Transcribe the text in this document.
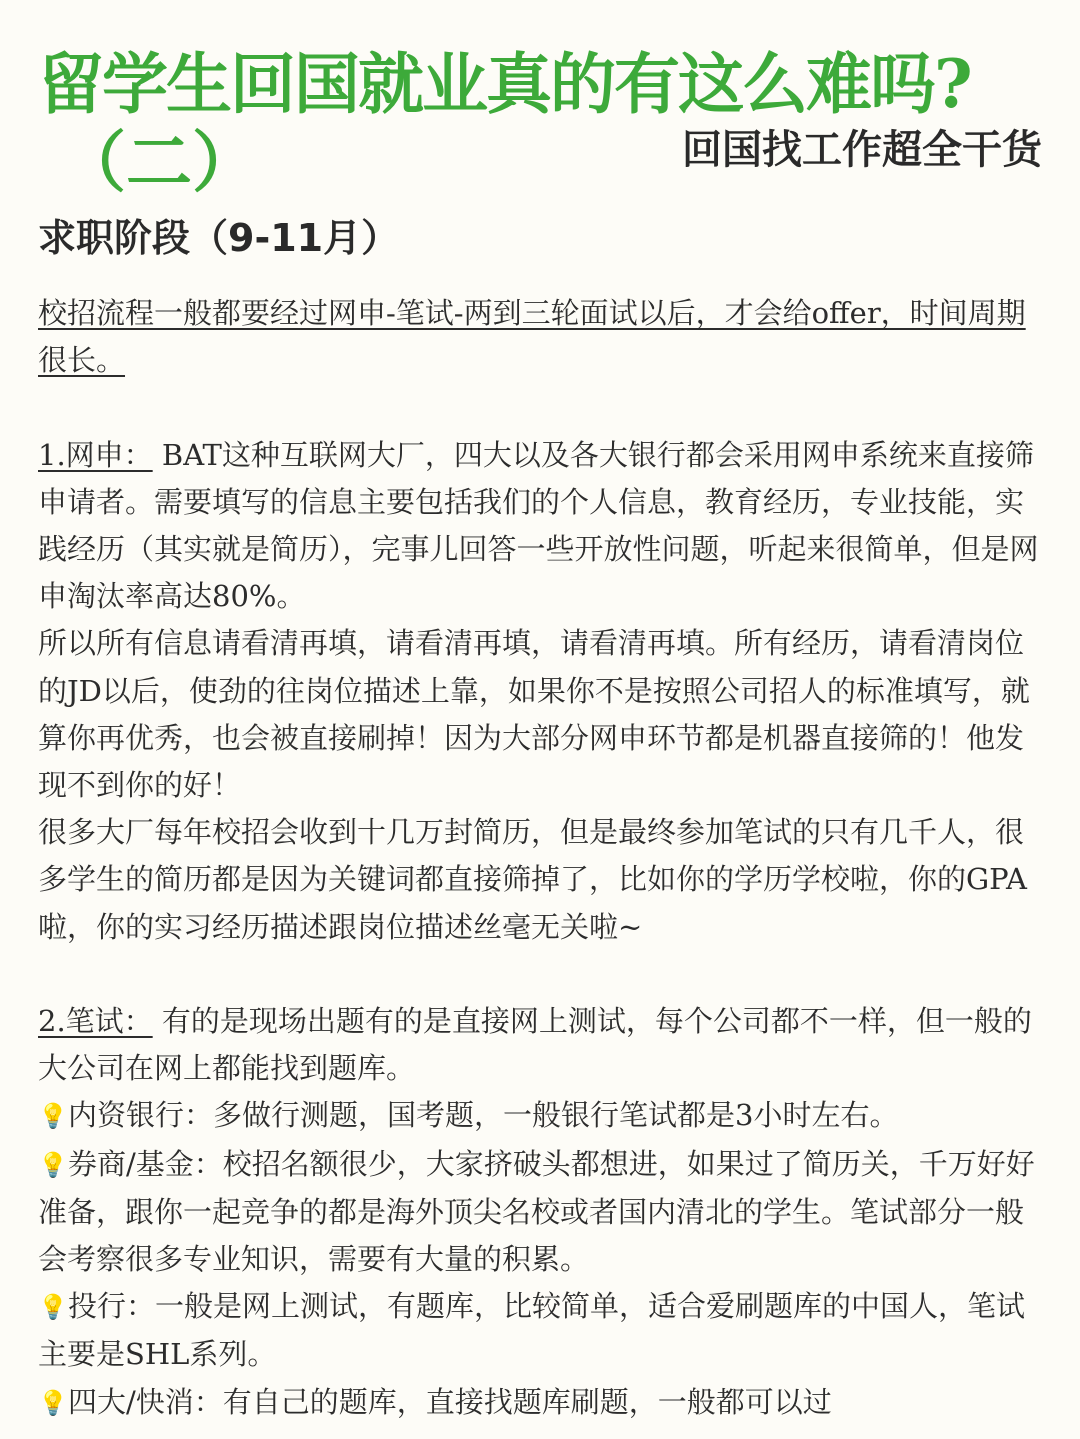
留学生回国就业真的有这么难吗?
（二）	回国找工作超全干货
求职阶段（9-11月）

校招流程一般都要经过网申-笔试-两到三轮面试以后，才会给offer，时间周期很长。

1.网申： BAT这种互联网大厂，四大以及各大银行都会采用网申系统来直接筛申请者。需要填写的信息主要包括我们的个人信息，教育经历，专业技能，实践经历（其实就是简历），完事儿回答一些开放性问题，听起来很简单，但是网申淘汰率高达80%。

所以所有信息请看清再填，请看清再填，请看清再填。所有经历，请看清岗位的JD以后，使劲的往岗位描述上靠，如果你不是按照公司招人的标准填写，就算你再优秀，也会被直接刷掉！因为大部分网申环节都是机器直接筛的！他发现不到你的好！

很多大厂每年校招会收到十几万封简历，但是最终参加笔试的只有几千人，很多学生的简历都是因为关键词都直接筛掉了，比如你的学历学校啦，你的GPA啦，你的实习经历描述跟岗位描述丝毫无关啦~

2.笔试： 有的是现场出题有的是直接网上测试，每个公司都不一样，但一般的大公司在网上都能找到题库。

💡内资银行：多做行测题，国考题，一般银行笔试都是3小时左右。

💡券商/基金：校招名额很少，大家挤破头都想进，如果过了简历关，千万好好准备，跟你一起竞争的都是海外顶尖名校或者国内清北的学生。笔试部分一般会考察很多专业知识，需要有大量的积累。

💡投行：一般是网上测试，有题库，比较简单，适合爱刷题库的中国人，笔试主要是SHL系列。

💡四大/快消：有自己的题库，直接找题库刷题，一般都可以过
